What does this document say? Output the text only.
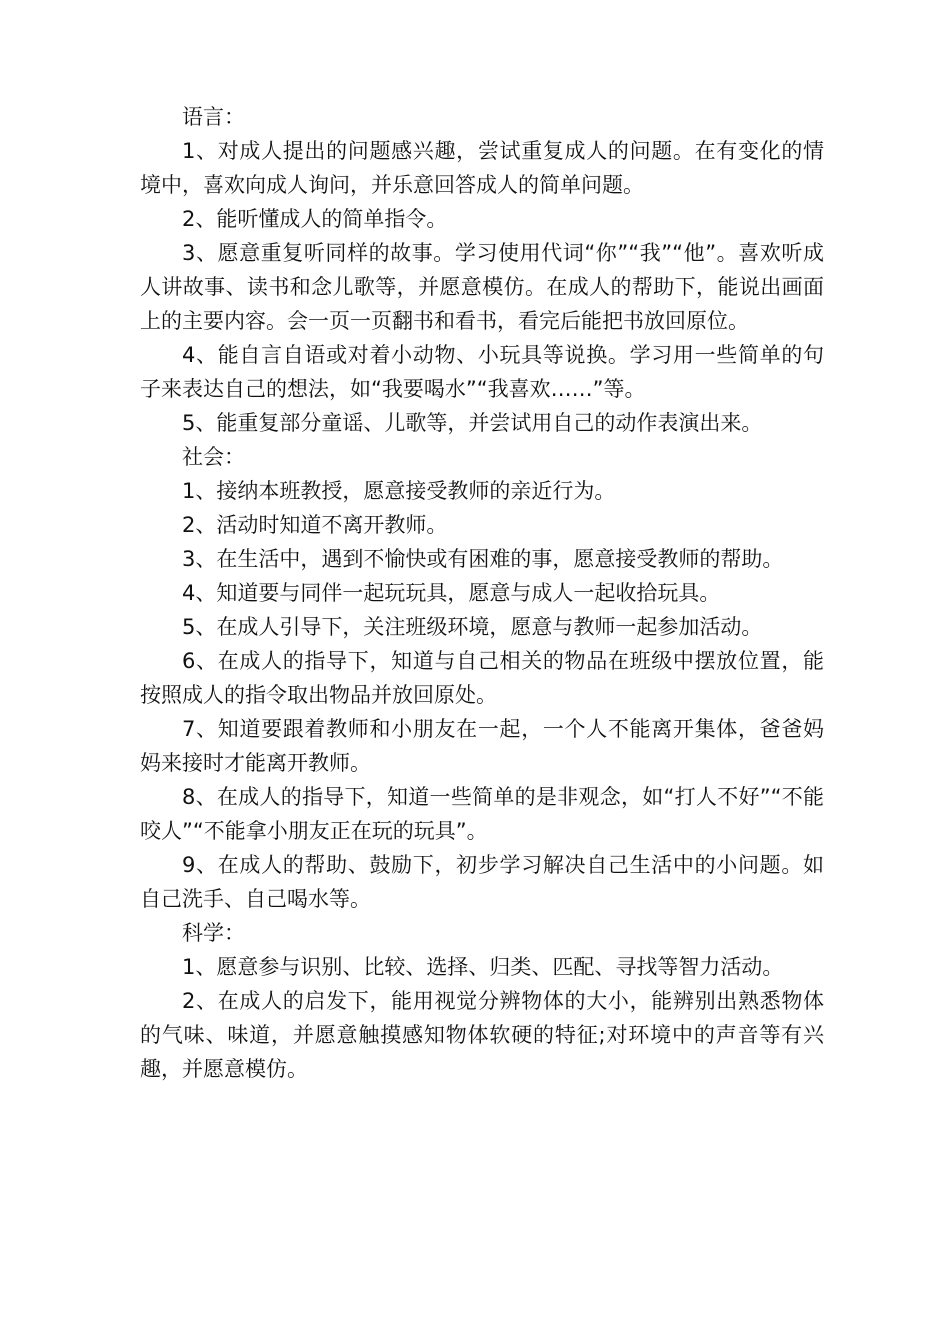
语言：

1、对成人提出的问题感兴趣，尝试重复成人的问题。在有变化的情境中，喜欢向成人询问，并乐意回答成人的简单问题。

2、能听懂成人的简单指令。

3、愿意重复听同样的故事。学习使用代词“你”“我”“他”。喜欢听成人讲故事、读书和念儿歌等，并愿意模仿。在成人的帮助下，能说出画面上的主要内容。会一页一页翻书和看书，看完后能把书放回原位。

4、能自言自语或对着小动物、小玩具等说换。学习用一些简单的句子来表达自己的想法，如“我要喝水”“我喜欢……”等。

5、能重复部分童谣、儿歌等，并尝试用自己的动作表演出来。

社会：

1、接纳本班教授，愿意接受教师的亲近行为。

2、活动时知道不离开教师。

3、在生活中，遇到不愉快或有困难的事，愿意接受教师的帮助。

4、知道要与同伴一起玩玩具，愿意与成人一起收拾玩具。

5、在成人引导下，关注班级环境，愿意与教师一起参加活动。

6、在成人的指导下，知道与自己相关的物品在班级中摆放位置，能按照成人的指令取出物品并放回原处。

7、知道要跟着教师和小朋友在一起，一个人不能离开集体，爸爸妈妈来接时才能离开教师。

8、在成人的指导下，知道一些简单的是非观念，如“打人不好”“不能咬人”“不能拿小朋友正在玩的玩具”。

9、在成人的帮助、鼓励下，初步学习解决自己生活中的小问题。如自己洗手、自己喝水等。

科学：

1、愿意参与识别、比较、选择、归类、匹配、寻找等智力活动。

2、在成人的启发下，能用视觉分辨物体的大小，能辨别出熟悉物体的气味、味道，并愿意触摸感知物体软硬的特征;对环境中的声音等有兴趣，并愿意模仿。
